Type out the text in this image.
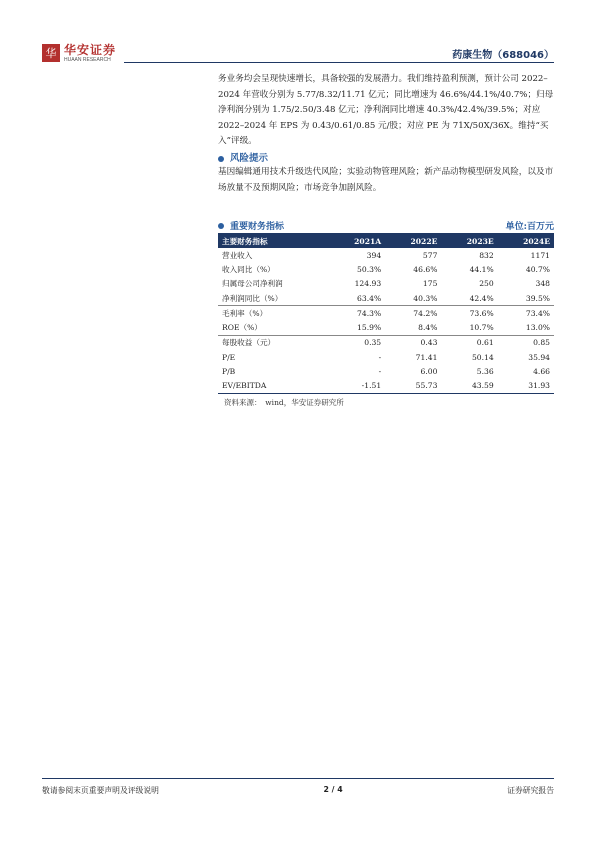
华 华安证券
HUAAN RESEARCH	药康生物（688046）
务业务均会呈现快速增长，具备较强的发展潜力。我们维持盈利预测，预计公司 2022–2024 年营收分别为 5.77/8.32/11.71 亿元；同比增速为 46.6%/44.1%/40.7%；归母净利润分别为 1.75/2.50/3.48 亿元；净利润同比增速 40.3%/42.4%/39.5%；对应 2022–2024 年 EPS 为 0.43/0.61/0.85 元/股；对应 PE 为 71X/50X/36X。维持“买入”评级。
风险提示
基因编辑通用技术升级迭代风险；实验动物管理风险；新产品动物模型研发风险，以及市场放量不及预期风险；市场竞争加剧风险。
重要财务指标	单位:百万元
主要财务指标	2021A	2022E	2023E	2024E
营业收入	394	577	832	1171
收入同比（%）	50.3%	46.6%	44.1%	40.7%
归属母公司净利润	124.93	175	250	348
净利润同比（%）	63.4%	40.3%	42.4%	39.5%
毛利率（%）	74.3%	74.2%	73.6%	73.4%
ROE（%）	15.9%	8.4%	10.7%	13.0%
每股收益（元）	0.35	0.43	0.61	0.85
P/E	-	71.41	50.14	35.94
P/B	-	6.00	5.36	4.66
EV/EBITDA	-1.51	55.73	43.59	31.93
资料来源：　wind，华安证券研究所
敬请参阅末页重要声明及评级说明	2 / 4	证券研究报告
